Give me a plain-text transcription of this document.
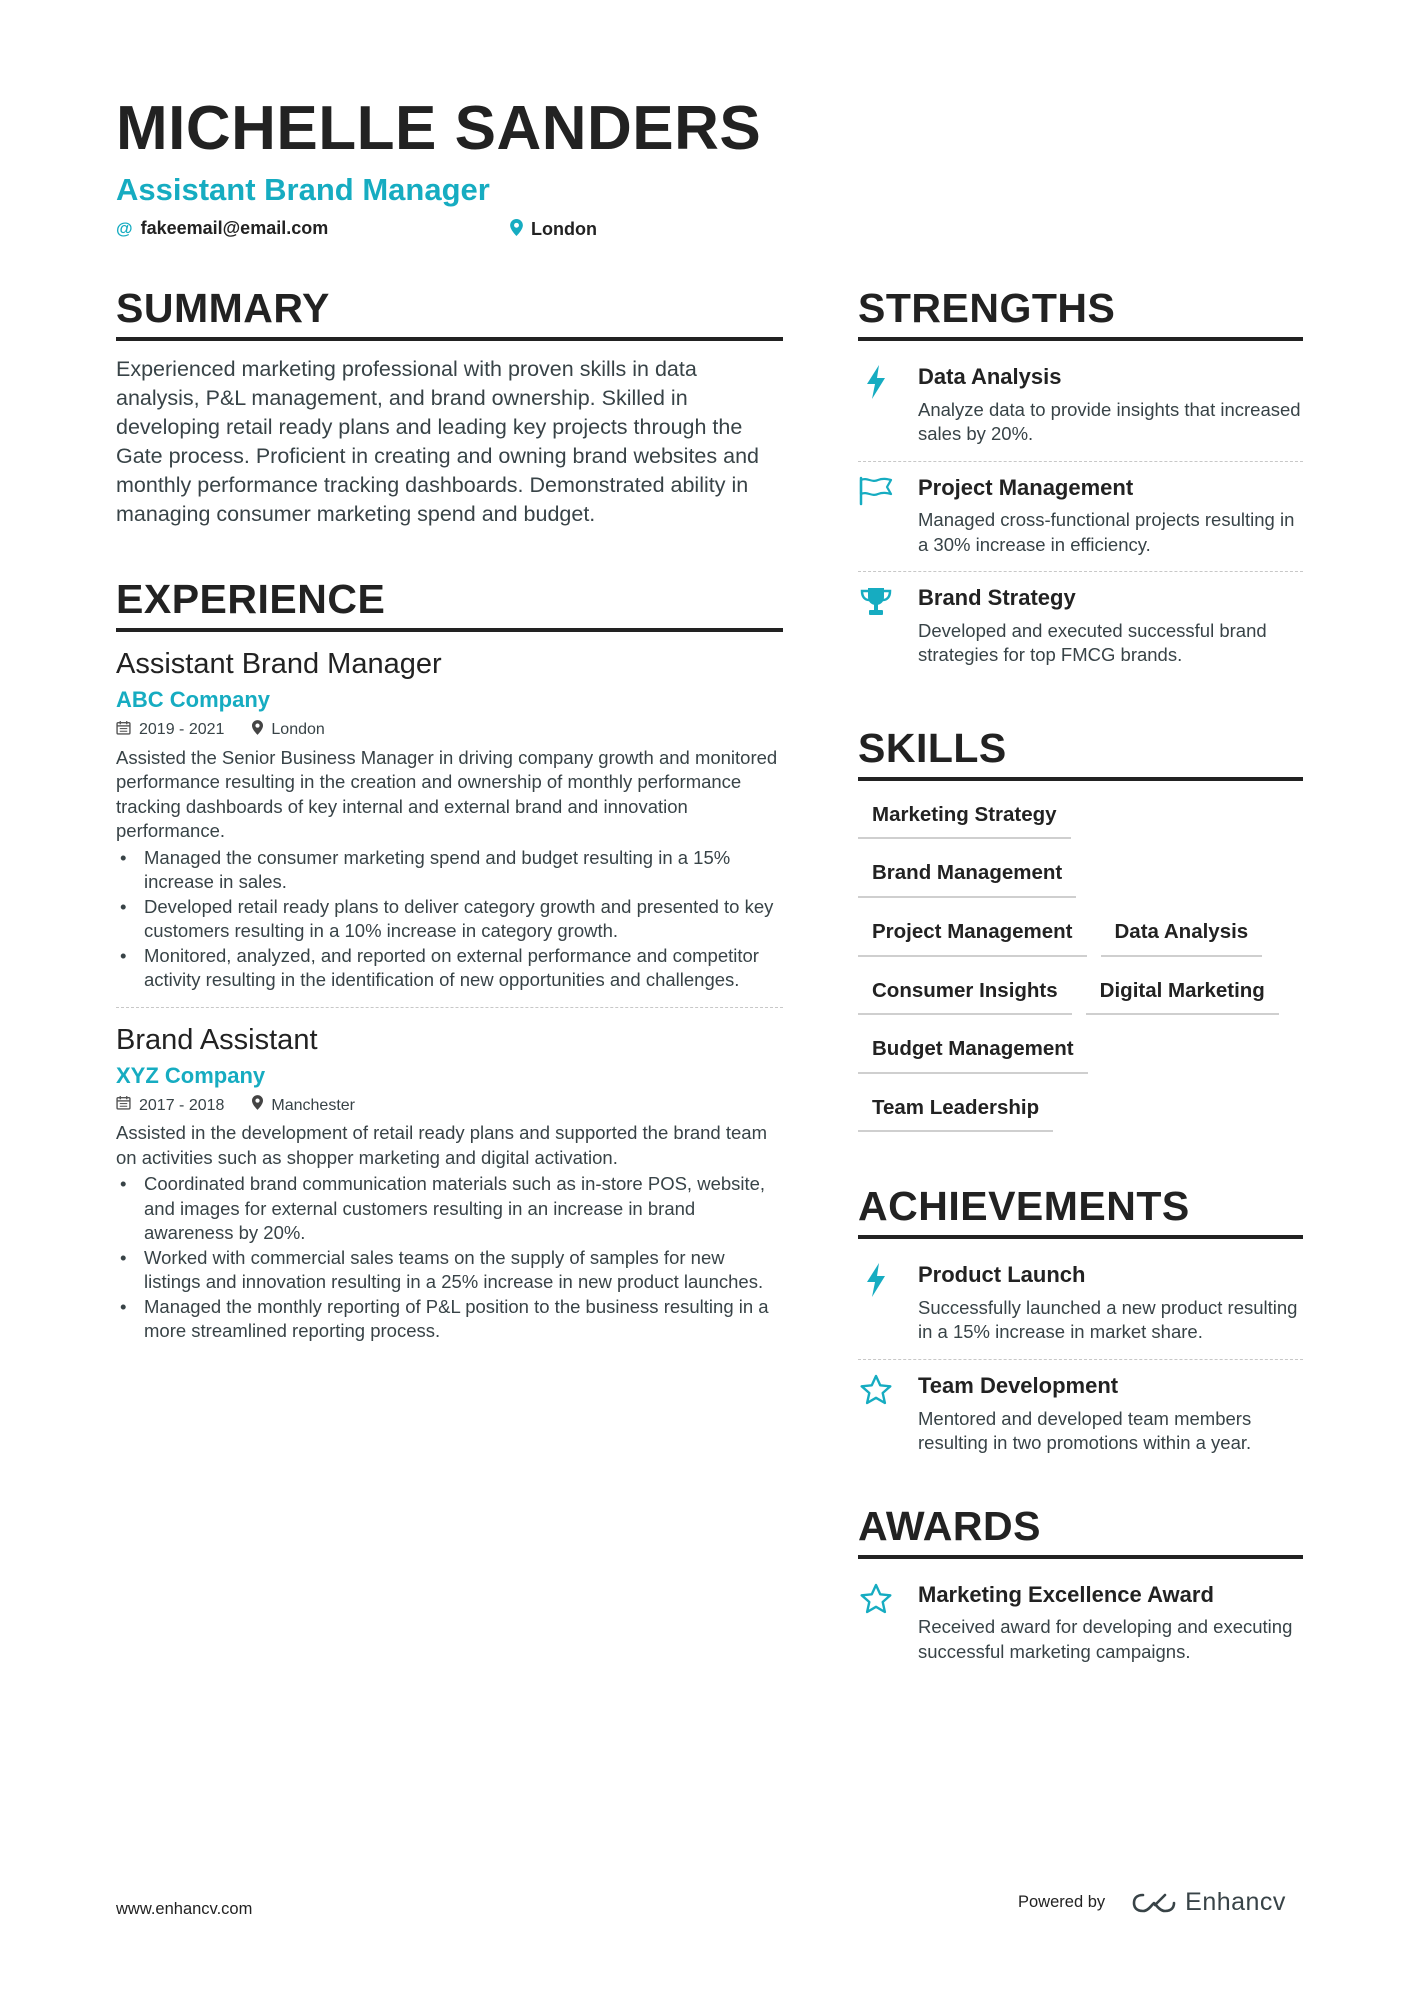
MICHELLE SANDERS
Assistant Brand Manager
@ fakeemail@email.com	London
SUMMARY

Experienced marketing professional with proven skills in data analysis, P&L management, and brand ownership. Skilled in developing retail ready plans and leading key projects through the Gate process. Proficient in creating and owning brand websites and monthly performance tracking dashboards. Demonstrated ability in managing consumer marketing spend and budget.

EXPERIENCE
Assistant Brand Manager
ABC Company
2019 - 2021	London

Assisted the Senior Business Manager in driving company growth and monitored performance resulting in the creation and ownership of monthly performance tracking dashboards of key internal and external brand and innovation performance.

• Managed the consumer marketing spend and budget resulting in a 15% increase in sales.
• Developed retail ready plans to deliver category growth and presented to key customers resulting in a 10% increase in category growth.
• Monitored, analyzed, and reported on external performance and competitor activity resulting in the identification of new opportunities and challenges.
Brand Assistant
XYZ Company
2017 - 2018	Manchester

Assisted in the development of retail ready plans and supported the brand team on activities such as shopper marketing and digital activation.

• Coordinated brand communication materials such as in-store POS, website, and images for external customers resulting in an increase in brand awareness by 20%.
• Worked with commercial sales teams on the supply of samples for new listings and innovation resulting in a 25% increase in new product launches.
• Managed the monthly reporting of P&L position to the business resulting in a more streamlined reporting process.
STRENGTHS
Data Analysis
Analyze data to provide insights that increased sales by 20%.
Project Management
Managed cross-functional projects resulting in a 30% increase in efficiency.
Brand Strategy
Developed and executed successful brand strategies for top FMCG brands.
SKILLS
Marketing Strategy
Brand Management
Project Management	Data Analysis
Consumer Insights	Digital Marketing
Budget Management
Team Leadership
ACHIEVEMENTS
Product Launch
Successfully launched a new product resulting in a 15% increase in market share.
Team Development
Mentored and developed team members resulting in two promotions within a year.
AWARDS
Marketing Excellence Award
Received award for developing and executing successful marketing campaigns.
www.enhancv.com	Powered by	Enhancv
